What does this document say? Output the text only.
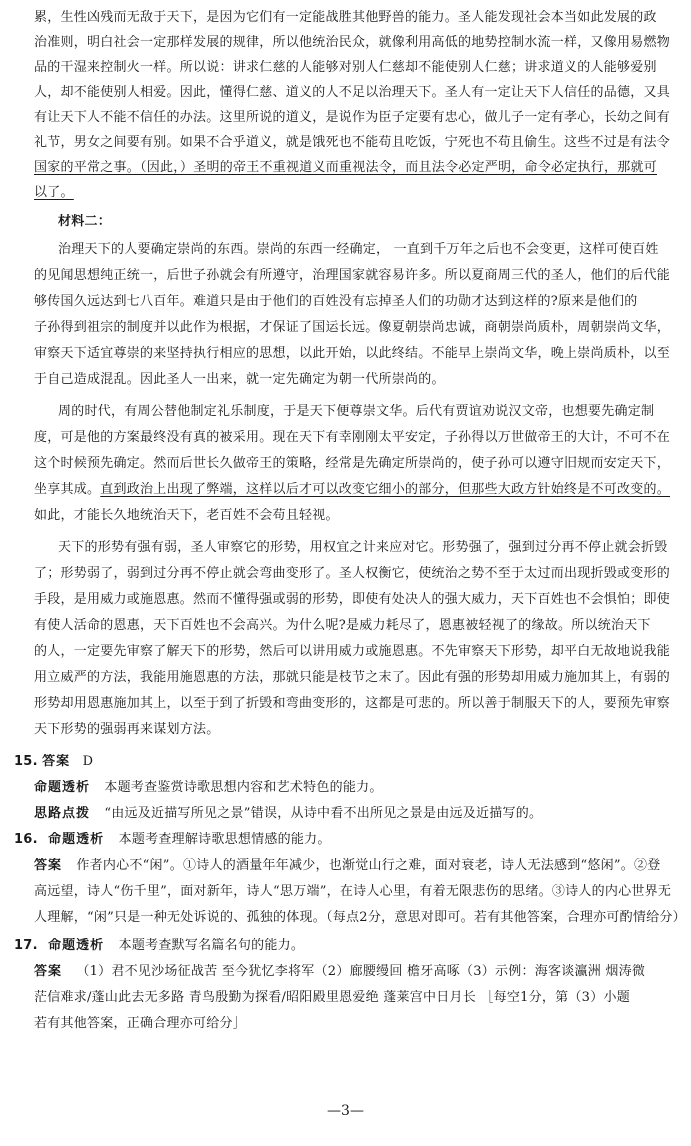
累，生性凶残而无敌于天下，是因为它们有一定能战胜其他野兽的能力。圣人能发现社会本当如此发展的政
治准则，明白社会一定那样发展的规律，所以他统治民众，就像利用高低的地势控制水流一样，又像用易燃物
品的干湿来控制火一样。所以说：讲求仁慈的人能够对别人仁慈却不能使别人仁慈；讲求道义的人能够爱别
人，却不能使别人相爱。因此，懂得仁慈、道义的人不足以治理天下。圣人有一定让天下人信任的品德，又具
有让天下人不能不信任的办法。这里所说的道义，是说作为臣子定要有忠心，做儿子一定有孝心，长幼之间有
礼节，男女之间要有别。如果不合乎道义，就是饿死也不能苟且吃饭，宁死也不苟且偷生。这些不过是有法令
国家的平常之事。（因此，）圣明的帝王不重视道义而重视法令，而且法令必定严明，命令必定执行，那就可
以了。
材料二：
治理天下的人要确定崇尚的东西。崇尚的东西一经确定， 一直到千万年之后也不会变更，这样可使百姓
的见闻思想纯正统一，后世子孙就会有所遵守，治理国家就容易许多。所以夏商周三代的圣人，他们的后代能
够传国久远达到七八百年。难道只是由于他们的百姓没有忘掉圣人们的功勋才达到这样的?原来是他们的
子孙得到祖宗的制度并以此作为根据，才保证了国运长远。像夏朝崇尚忠诚，商朝崇尚质朴，周朝崇尚文华，
审察天下适宜尊崇的来坚持执行相应的思想，以此开始，以此终结。不能早上崇尚文华，晚上崇尚质朴，以至
于自己造成混乱。因此圣人一出来，就一定先确定为朝一代所崇尚的。
周的时代，有周公替他制定礼乐制度，于是天下便尊崇文华。后代有贾谊劝说汉文帝，也想要先确定制
度，可是他的方案最终没有真的被采用。现在天下有幸刚刚太平安定，子孙得以万世做帝王的大计，不可不在
这个时候预先确定。然而后世长久做帝王的策略，经常是先确定所崇尚的，使子孙可以遵守旧规而安定天下，
坐享其成。直到政治上出现了弊端，这样以后才可以改变它细小的部分，但那些大政方针始终是不可改变的。
如此，才能长久地统治天下，老百姓不会苟且轻视。
天下的形势有强有弱，圣人审察它的形势，用权宜之计来应对它。形势强了，强到过分再不停止就会折毁
了；形势弱了，弱到过分再不停止就会弯曲变形了。圣人权衡它，使统治之势不至于太过而出现折毁或变形的
手段，是用威力或施恩惠。然而不懂得强或弱的形势，即使有处决人的强大威力，天下百姓也不会惧怕；即使
有使人活命的恩惠，天下百姓也不会高兴。为什么呢?是威力耗尽了，恩惠被轻视了的缘故。所以统治天下
的人，一定要先审察了解天下的形势，然后可以讲用威力或施恩惠。不先审察天下形势，却平白无故地说我能
用立威严的方法，我能用施恩惠的方法，那就只能是枝节之末了。因此有强的形势却用威力施加其上，有弱的
形势却用恩惠施加其上，以至于到了折毁和弯曲变形的，这都是可悲的。所以善于制服天下的人，要预先审察
天下形势的强弱再来谋划方法。
15. 答案 D
命题透析 本题考查鉴赏诗歌思想内容和艺术特色的能力。
思路点拨 “由远及近描写所见之景”错误，从诗中看不出所见之景是由远及近描写的。
16. 命题透析 本题考查理解诗歌思想情感的能力。
答案 作者内心不“闲”。①诗人的酒量年年减少，也渐觉山行之难，面对衰老，诗人无法感到“悠闲”。②登
高远望，诗人“伤千里”，面对新年，诗人“思万端”，在诗人心里，有着无限悲伤的思绪。③诗人的内心世界无
人理解，“闲”只是一种无处诉说的、孤独的体现。（每点2分，意思对即可。若有其他答案，合理亦可酌情给分）
17. 命题透析 本题考查默写名篇名句的能力。
答案 （1）君不见沙场征战苦 至今犹忆李将军（2）廊腰缦回 檐牙高啄（3）示例：海客谈瀛洲 烟涛微
茫信难求/蓬山此去无多路 青鸟殷勤为探看/昭阳殿里恩爱绝 蓬莱宫中日月长 ［每空1分，第（3）小题
若有其他答案，正确合理亦可给分］
—3—
